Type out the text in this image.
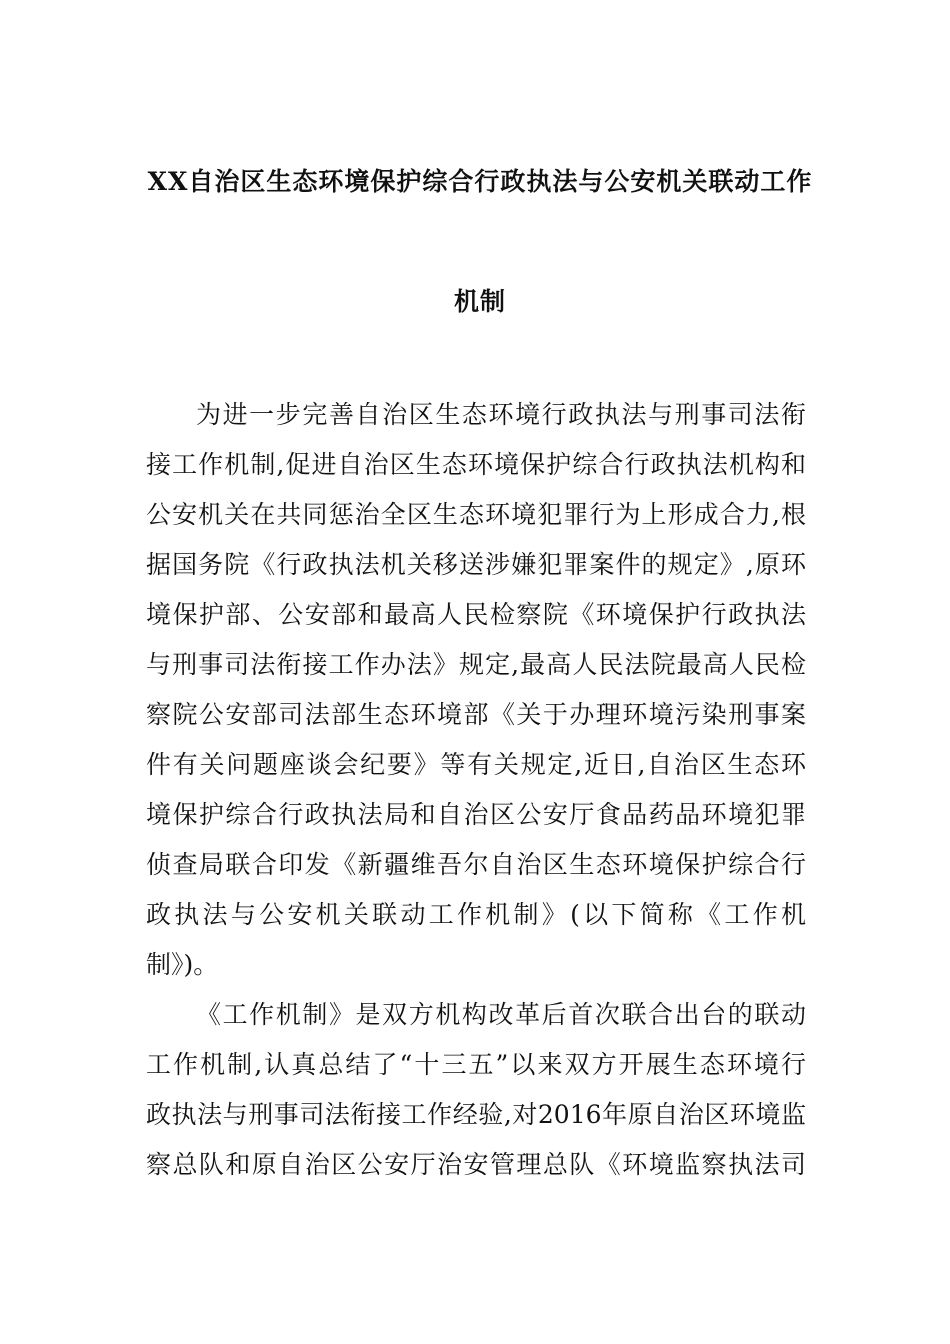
XX自治区生态环境保护综合行政执法与公安机关联动工作
机制
为进一步完善自治区生态环境行政执法与刑事司法衔
接工作机制,促进自治区生态环境保护综合行政执法机构和
公安机关在共同惩治全区生态环境犯罪行为上形成合力,根
据国务院《行政执法机关移送涉嫌犯罪案件的规定》,原环
境保护部、公安部和最高人民检察院《环境保护行政执法
与刑事司法衔接工作办法》规定,最高人民法院最高人民检
察院公安部司法部生态环境部《关于办理环境污染刑事案
件有关问题座谈会纪要》等有关规定,近日,自治区生态环
境保护综合行政执法局和自治区公安厅食品药品环境犯罪
侦查局联合印发《新疆维吾尔自治区生态环境保护综合行
政执法与公安机关联动工作机制》(以下简称《工作机
制》)。
《工作机制》是双方机构改革后首次联合出台的联动
工作机制,认真总结了“十三五”以来双方开展生态环境行
政执法与刑事司法衔接工作经验,对2016年原自治区环境监
察总队和原自治区公安厅治安管理总队《环境监察执法司
